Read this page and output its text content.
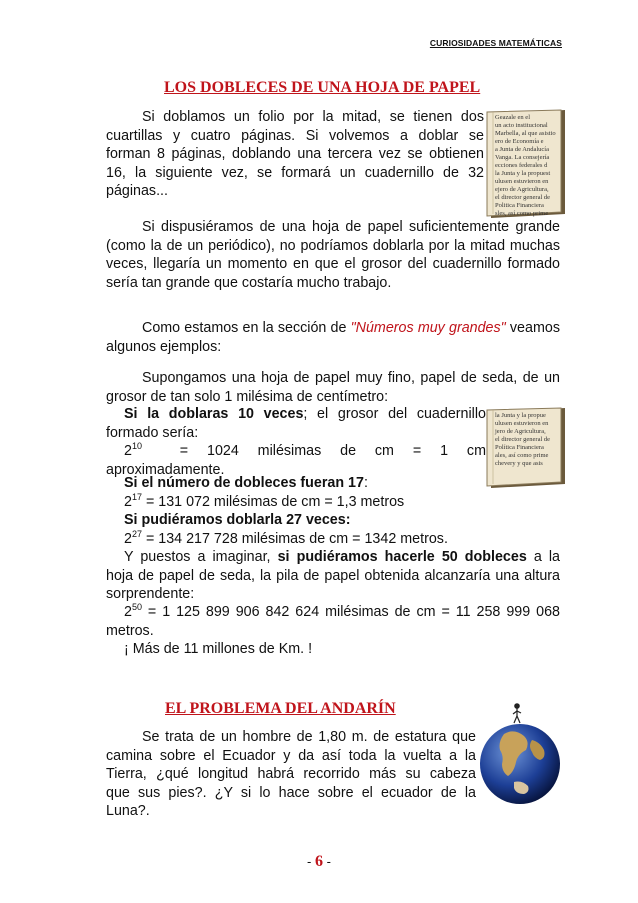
CURIOSIDADES MATEMÁTICAS
LOS DOBLECES DE UNA HOJA DE PAPEL
Si doblamos un folio por la mitad, se tienen dos
cuartillas y cuatro páginas. Si volvemos a doblar se
forman 8 páginas, doblando una tercera vez se obtienen
16, la siguiente vez, se formará un cuadernillo de 32
páginas...
Geazale en el
un acto institucional
Marbella, al que asistio
ero de Economía e
a Junta de Andalucía
Vanga. La consejería
ecciones federales d
la Junta y la propuest
ulusen estuvieron en
ejero de Agricultura,
el director general de
Politica Financiera
sles, así como prime
Si dispusiéramos de una hoja de papel suficientemente grande (como la de un periódico), no podríamos doblarla por la mitad muchas veces, llegaría un momento en que el grosor del cuadernillo formado sería tan grande que costaría mucho trabajo.
Como estamos en la sección de "Números muy grandes" veamos algunos ejemplos:
Supongamos una hoja de papel muy fino, papel de seda, de un grosor de tan solo 1 milésima de centímetro:
Si la doblaras 10 veces; el grosor del cuadernillo
formado sería:
$2^{10}$	= 1024 milésimas de cm = 1 cm
aproximadamente.
la Junta y la propue
ulusen estuvieron en
jero de Agricultura,
el director general de
Política Financiera
ales, así como prime
chevery y que asis
Si el número de dobleces fueran 17:
$2^{17} = 131$ 072 milésimas de cm = 1,3 metros
Si pudiéramos doblarla 27 veces:
$2^{27} = 134$ 217 728 milésimas de cm = 1342 metros.
Y puestos a imaginar, si pudiéramos hacerle 50 dobleces a la hoja de papel de seda, la pila de papel obtenida alcanzaría una altura sorprendente:
$2^{50} = 1$ 125 899 906 842 624 milésimas de cm = 11 258 999 068 metros.
¡ Más de 11 millones de Km. !
EL PROBLEMA DEL ANDARÍN
Se trata de un hombre de 1,80 m. de estatura que
camina sobre el Ecuador y da así toda la vuelta a la
Tierra, ¿qué longitud habrá recorrido más su cabeza
que sus pies?. ¿Y si lo hace sobre el ecuador de la
Luna?.
- 6 -
